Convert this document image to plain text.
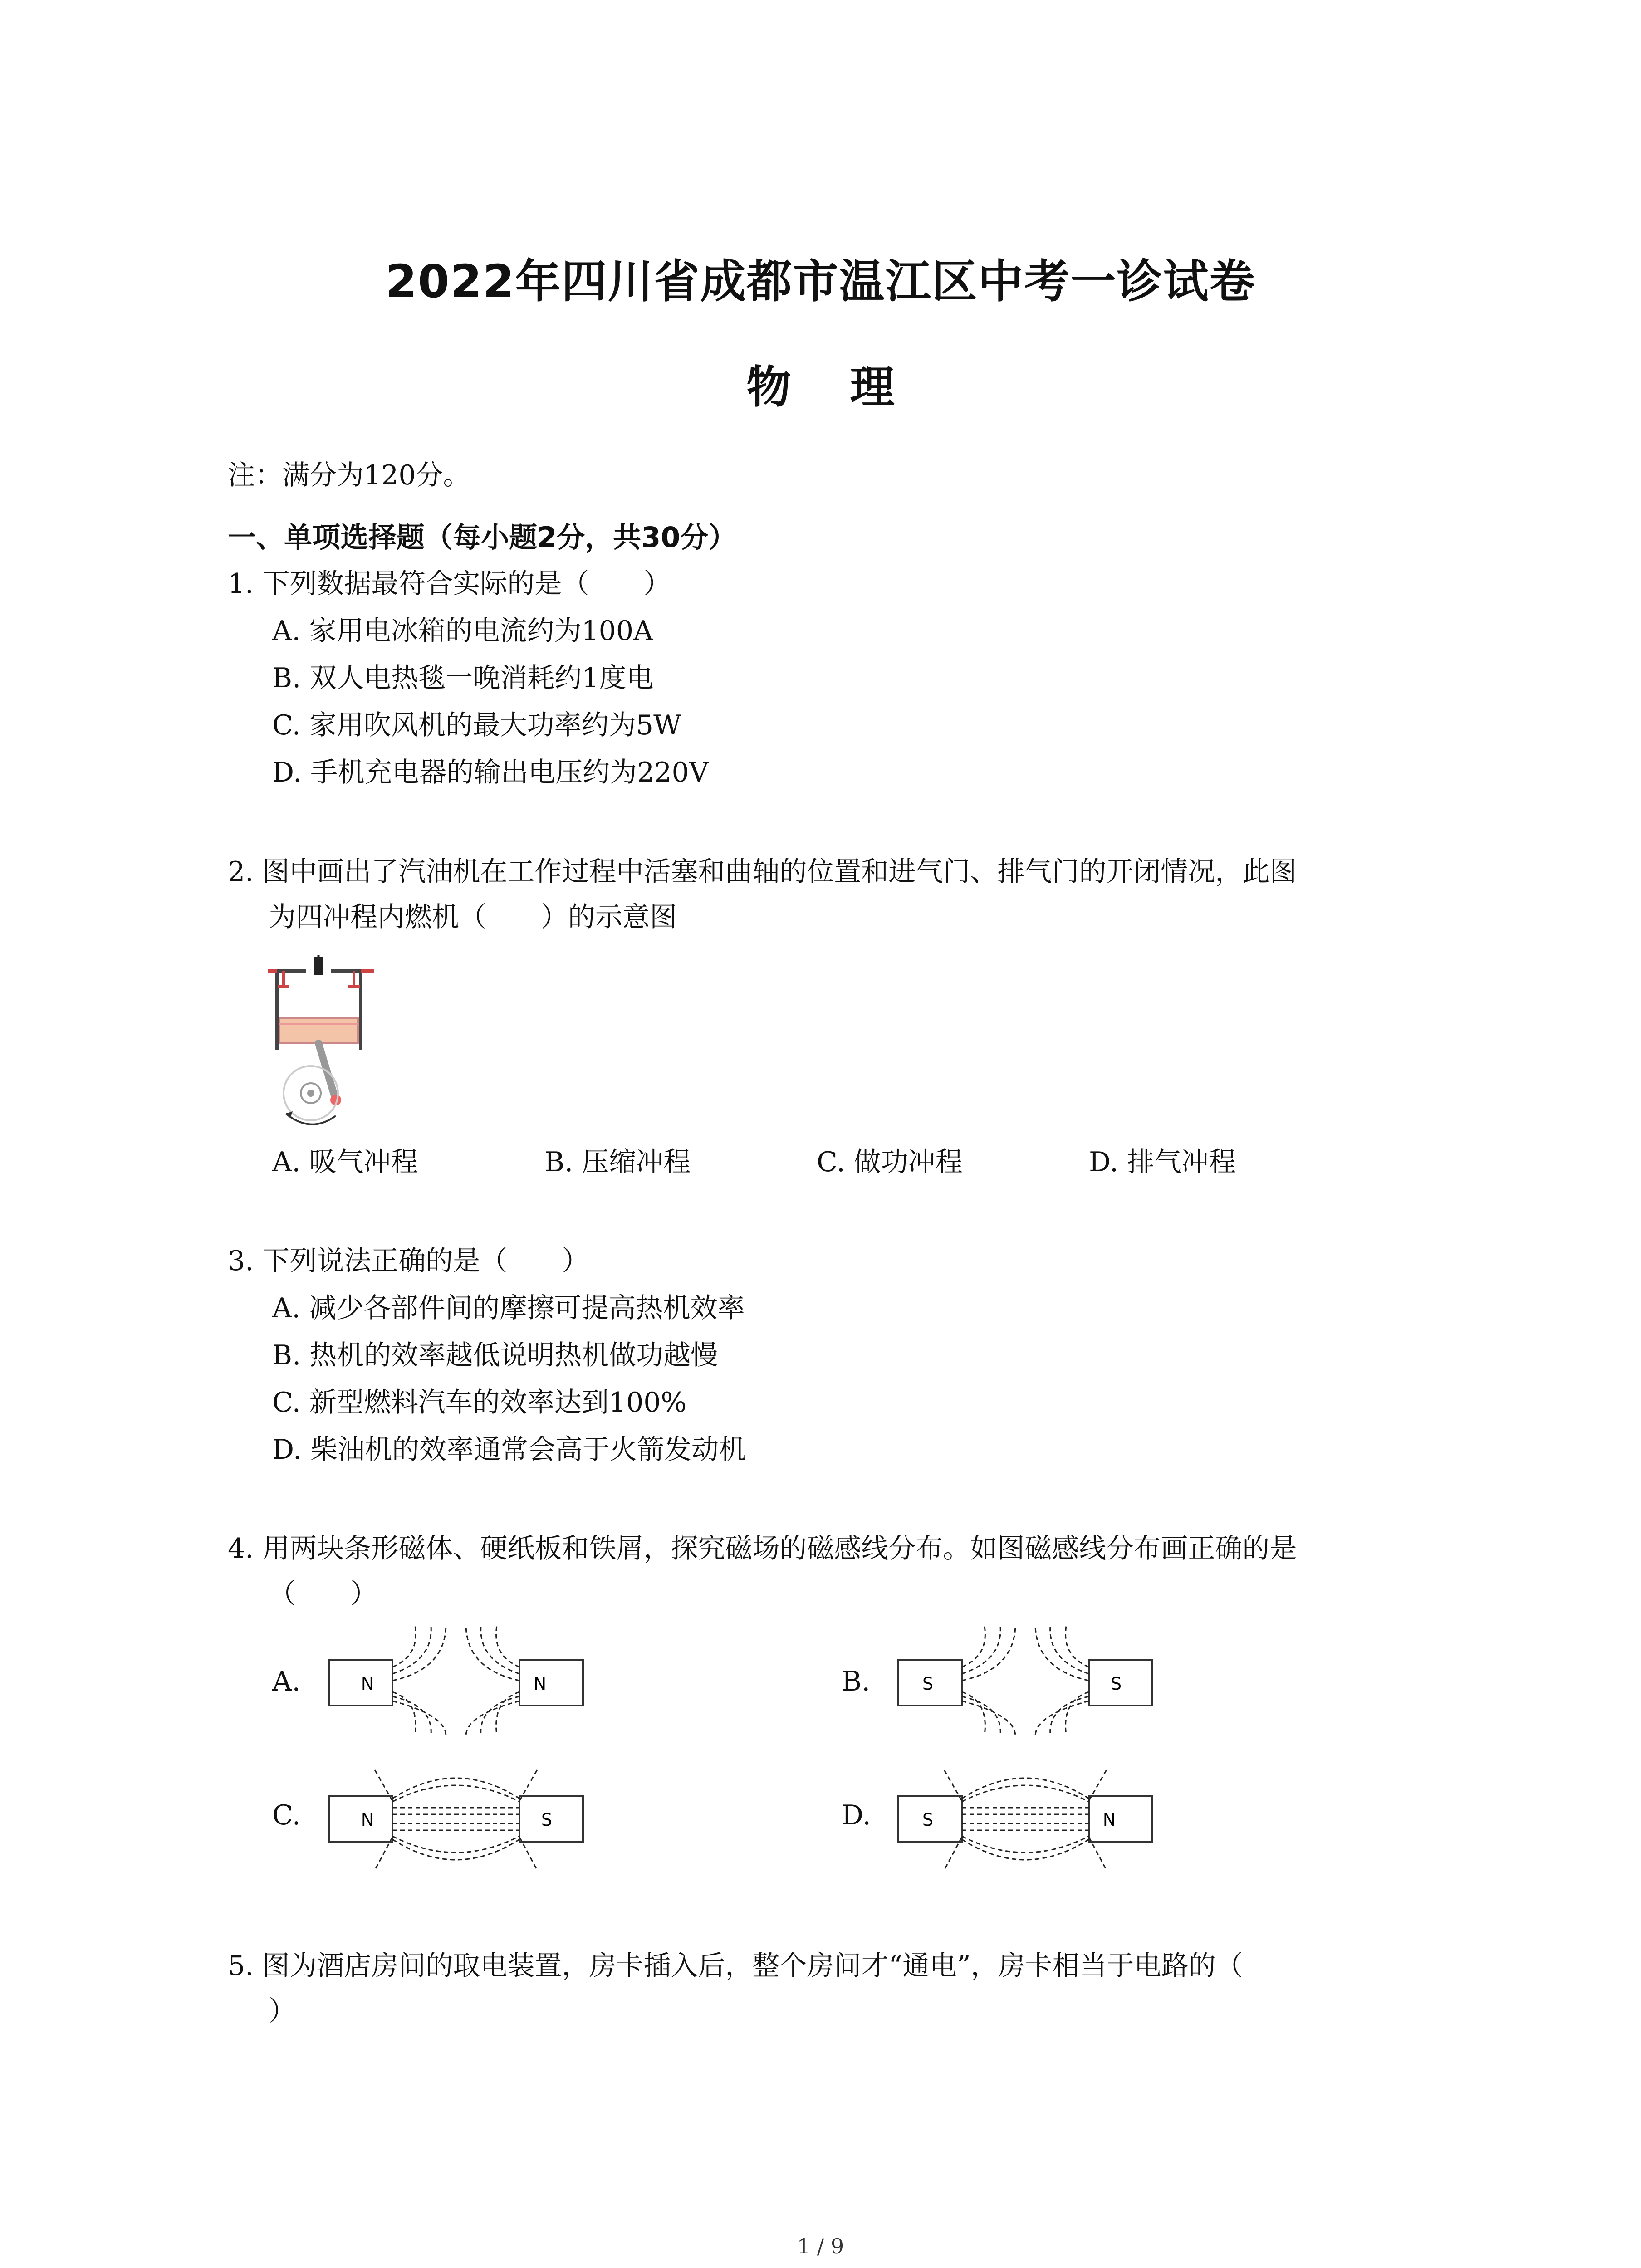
2022年四川省成都市温江区中考一诊试卷
物理
注：满分为120分。
一、单项选择题（每小题2分，共30分）
1. 下列数据最符合实际的是（　　）
A. 家用电冰箱的电流约为100A
B. 双人电热毯一晚消耗约1度电
C. 家用吹风机的最大功率约为5W
D. 手机充电器的输出电压约为220V
2. 图中画出了汽油机在工作过程中活塞和曲轴的位置和进气门、排气门的开闭情况，此图
为四冲程内燃机（　　）的示意图
A. 吸气冲程	B. 压缩冲程	C. 做功冲程	D. 排气冲程
3. 下列说法正确的是（　　）
A. 减少各部件间的摩擦可提高热机效率
B. 热机的效率越低说明热机做功越慢
C. 新型燃料汽车的效率达到100%
D. 柴油机的效率通常会高于火箭发动机
4. 用两块条形磁体、硬纸板和铁屑，探究磁场的磁感线分布。如图磁感线分布画正确的是
（　　）
A.	B.
C.	D.
N	N	S	S
N	S	S	N
5. 图为酒店房间的取电装置，房卡插入后，整个房间才“通电”，房卡相当于电路的（
）
1 / 9
